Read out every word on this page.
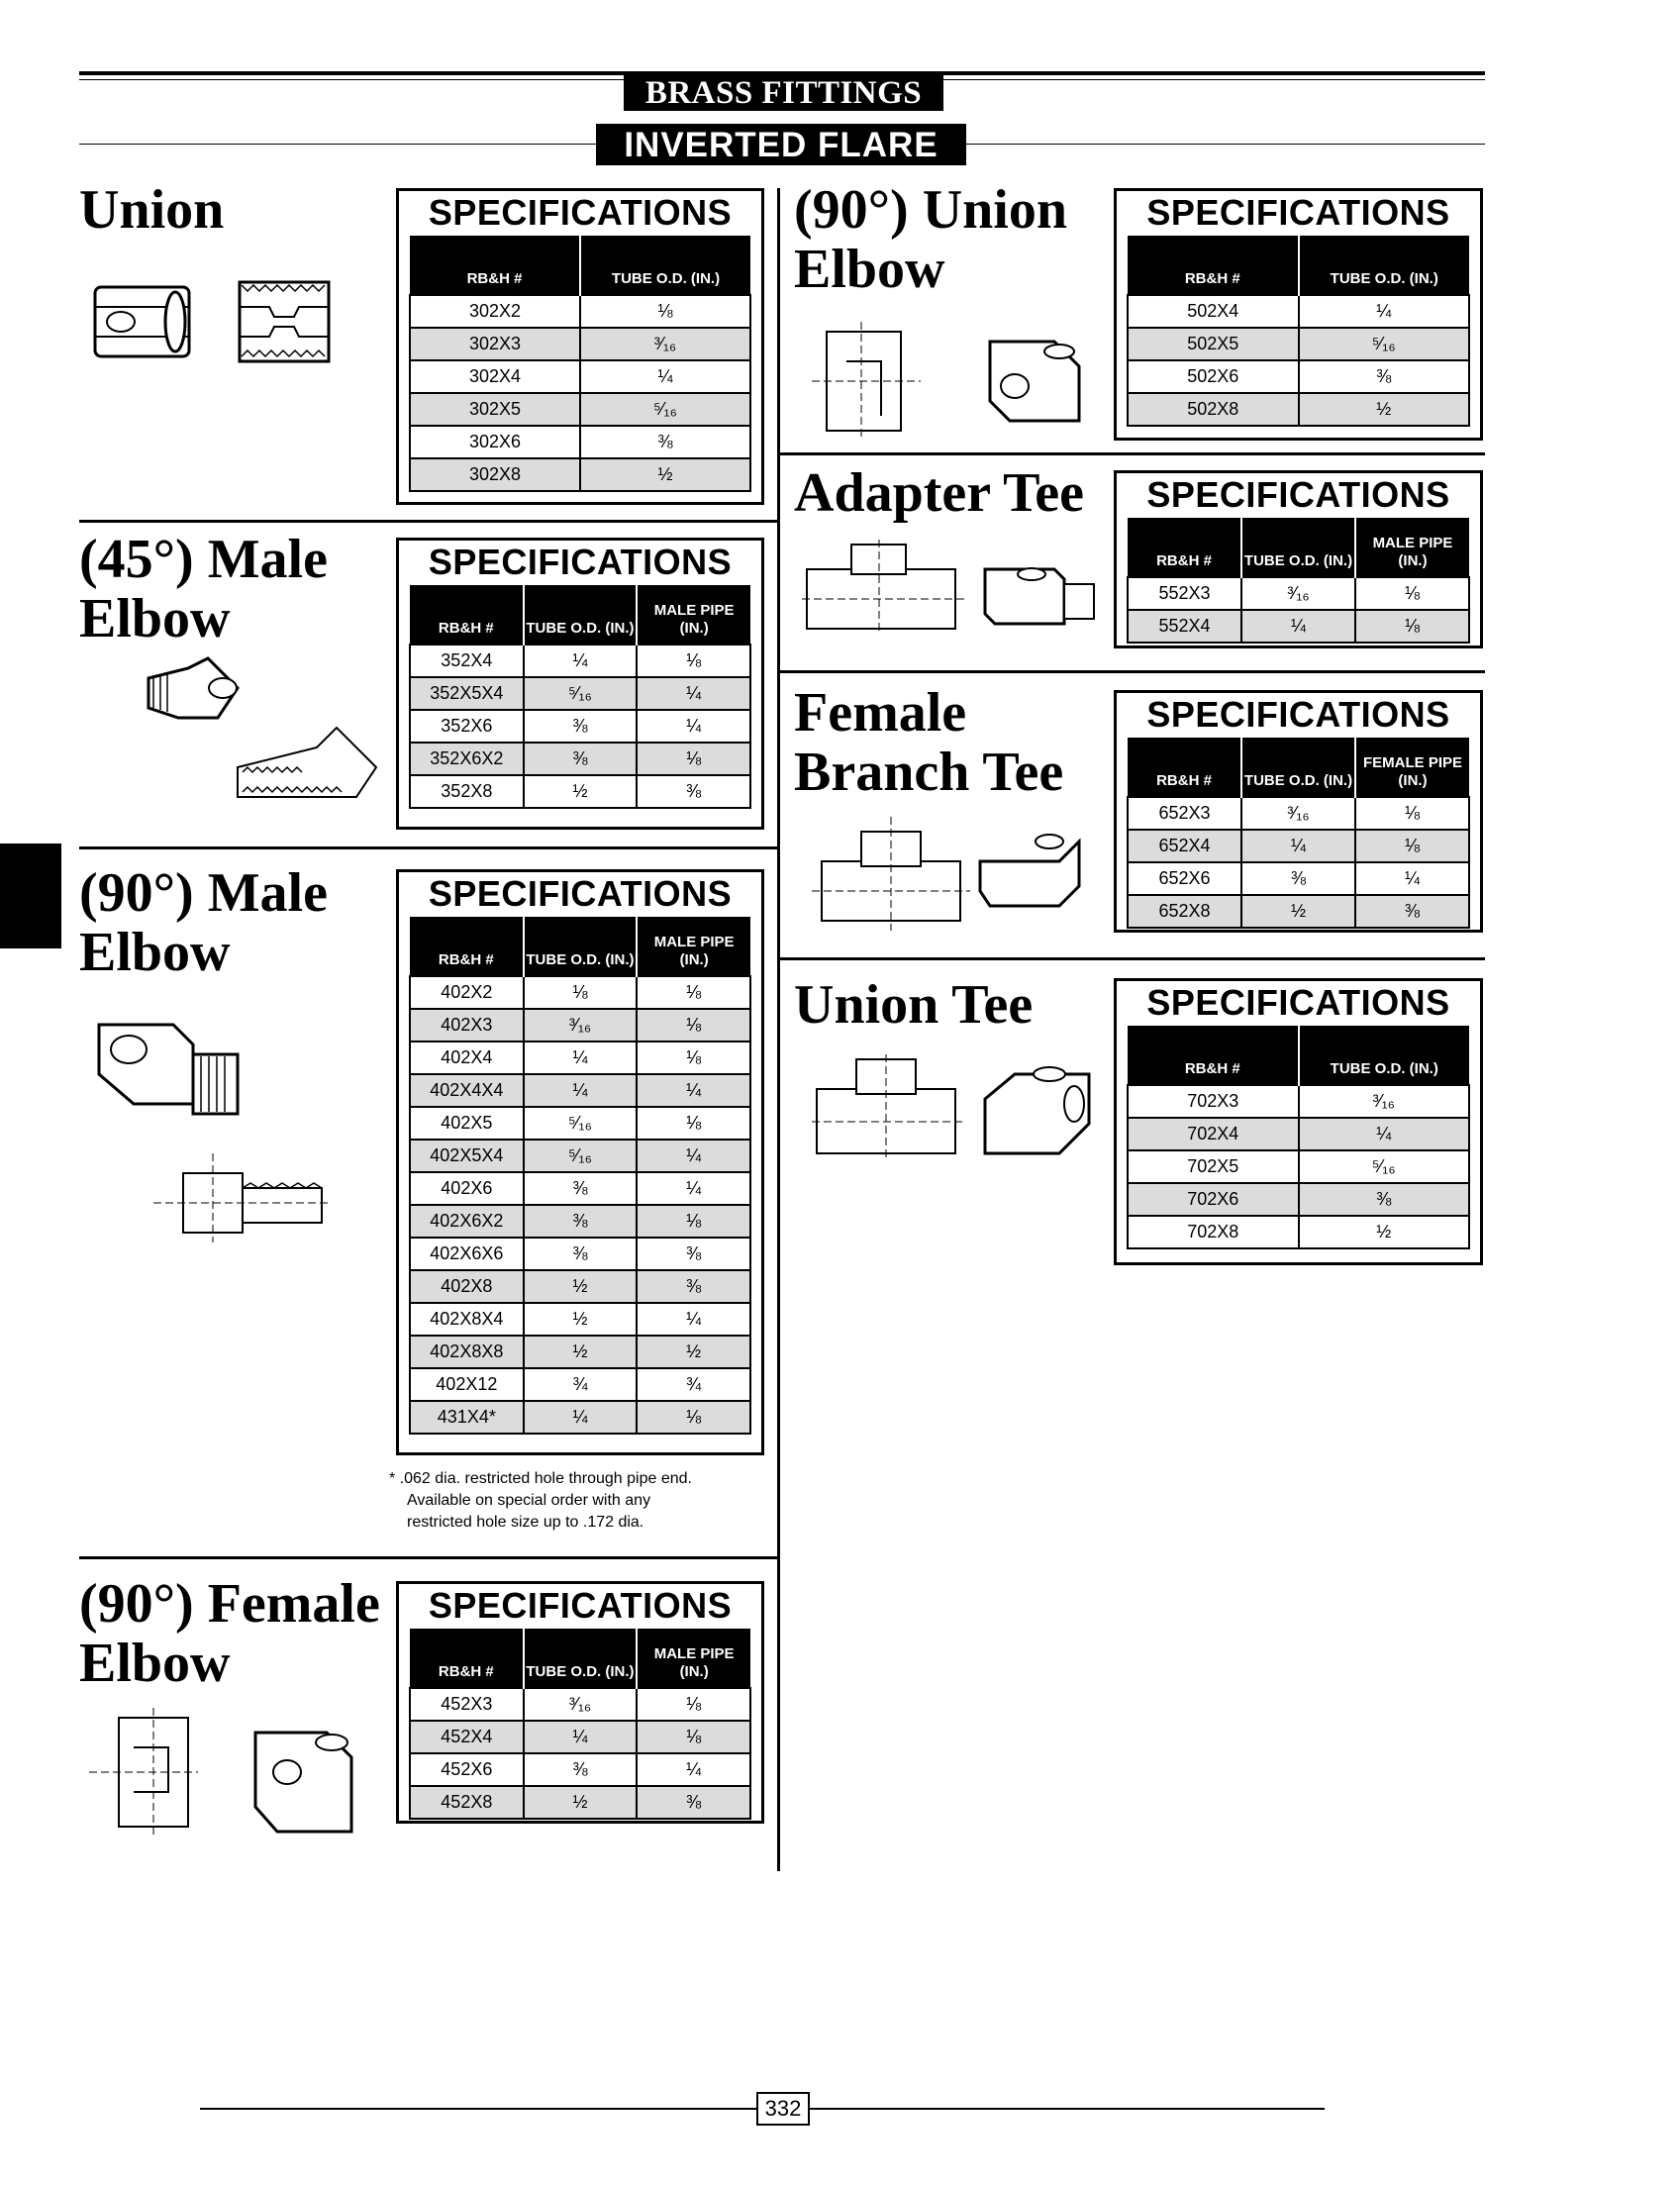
BRASS FITTINGS
INVERTED FLARE
Union	SPECIFICATIONS
RB&H #	TUBE O.D. (IN.)
302X2	⅛
302X3	³⁄₁₆
302X4	¼
302X5	⁵⁄₁₆
302X6	⅜
302X8	½
(45°) Male
Elbow
SPECIFICATIONS
RB&H #	TUBE O.D. (IN.)	MALE PIPE (IN.)
352X4	¼	⅛
352X5X4	⁵⁄₁₆	¼
352X6	⅜	¼
352X6X2	⅜	⅛
352X8	½	⅜
(90°) Male
Elbow
SPECIFICATIONS
RB&H #	TUBE O.D. (IN.)	MALE PIPE (IN.)
402X2	⅛	⅛
402X3	³⁄₁₆	⅛
402X4	¼	⅛
402X4X4	¼	¼
402X5	⁵⁄₁₆	⅛
402X5X4	⁵⁄₁₆	¼
402X6	⅜	¼
402X6X2	⅜	⅛
402X6X6	⅜	⅜
402X8	½	⅜
402X8X4	½	¼
402X8X8	½	½
402X12	¾	¾
431X4*	¼	⅛
* .062 dia. restricted hole through pipe end.
Available on special order with any
restricted hole size up to .172 dia.
(90°) Female
Elbow
SPECIFICATIONS
RB&H #	TUBE O.D. (IN.)	MALE PIPE (IN.)
452X3	³⁄₁₆	⅛
452X4	¼	⅛
452X6	⅜	¼
452X8	½	⅜
(90°) Union
Elbow
SPECIFICATIONS
RB&H #	TUBE O.D. (IN.)
502X4	¼
502X5	⁵⁄₁₆
502X6	⅜
502X8	½
Adapter Tee	SPECIFICATIONS
RB&H #	TUBE O.D. (IN.)	MALE PIPE (IN.)
552X3	³⁄₁₆	⅛
552X4	¼	⅛
Female
Branch Tee
SPECIFICATIONS
RB&H #	TUBE O.D. (IN.)	FEMALE PIPE (IN.)
652X3	³⁄₁₆	⅛
652X4	¼	⅛
652X6	⅜	¼
652X8	½	⅜
Union Tee	SPECIFICATIONS
RB&H #	TUBE O.D. (IN.)
702X3	³⁄₁₆
702X4	¼
702X5	⁵⁄₁₆
702X6	⅜
702X8	½
332
